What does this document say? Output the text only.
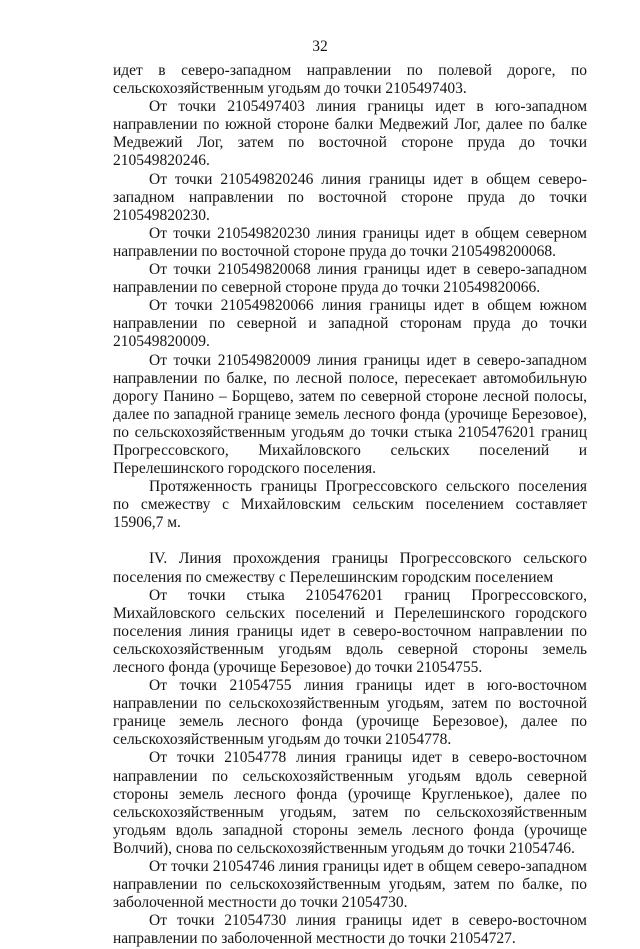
32

идет в северо-западном направлении по полевой дороге, по сельскохозяйственным угодьям до точки 2105497403.

От точки 2105497403 линия границы идет в юго-западном направлении по южной стороне балки Медвежий Лог, далее по балке Медвежий Лог, затем по восточной стороне пруда до точки 210549820246.

От точки 210549820246 линия границы идет в общем северо-западном направлении по восточной стороне пруда до точки 210549820230.

От точки 210549820230 линия границы идет в общем северном направлении по восточной стороне пруда до точки 2105498200068.

От точки 210549820068 линия границы идет в северо-западном направлении по северной стороне пруда до точки 210549820066.

От точки 210549820066 линия границы идет в общем южном направлении по северной и западной сторонам пруда до точки 210549820009.

От точки 210549820009 линия границы идет в северо-западном направлении по балке, по лесной полосе, пересекает автомобильную дорогу Панино – Борщево, затем по северной стороне лесной полосы, далее по западной границе земель лесного фонда (урочище Березовое), по сельскохозяйственным угодьям до точки стыка 2105476201 границ Прогрессовского, Михайловского сельских поселений и Перелешинского городского поселения.

Протяженность границы Прогрессовского сельского поселения по смежеству с Михайловским сельским поселением составляет 15906,7 м.

IV. Линия прохождения границы Прогрессовского сельского поселения по смежеству с Перелешинским городским поселением

От точки стыка 2105476201 границ Прогрессовского, Михайловского сельских поселений и Перелешинского городского поселения линия границы идет в северо-восточном направлении по сельскохозяйственным угодьям вдоль северной стороны земель лесного фонда (урочище Березовое) до точки 21054755.

От точки 21054755 линия границы идет в юго-восточном направлении по сельскохозяйственным угодьям, затем по восточной границе земель лесного фонда (урочище Березовое), далее по сельскохозяйственным угодьям до точки 21054778.

От точки 21054778 линия границы идет в северо-восточном направлении по сельскохозяйственным угодьям вдоль северной стороны земель лесного фонда (урочище Кругленькое), далее по сельскохозяйственным угодьям, затем по сельскохозяйственным угодьям вдоль западной стороны земель лесного фонда (урочище Волчий), снова по сельскохозяйственным угодьям до точки 21054746.

От точки 21054746 линия границы идет в общем северо-западном направлении по сельскохозяйственным угодьям, затем по балке, по заболоченной местности до точки 21054730.

От точки 21054730 линия границы идет в северо-восточном направлении по заболоченной местности до точки 21054727.
